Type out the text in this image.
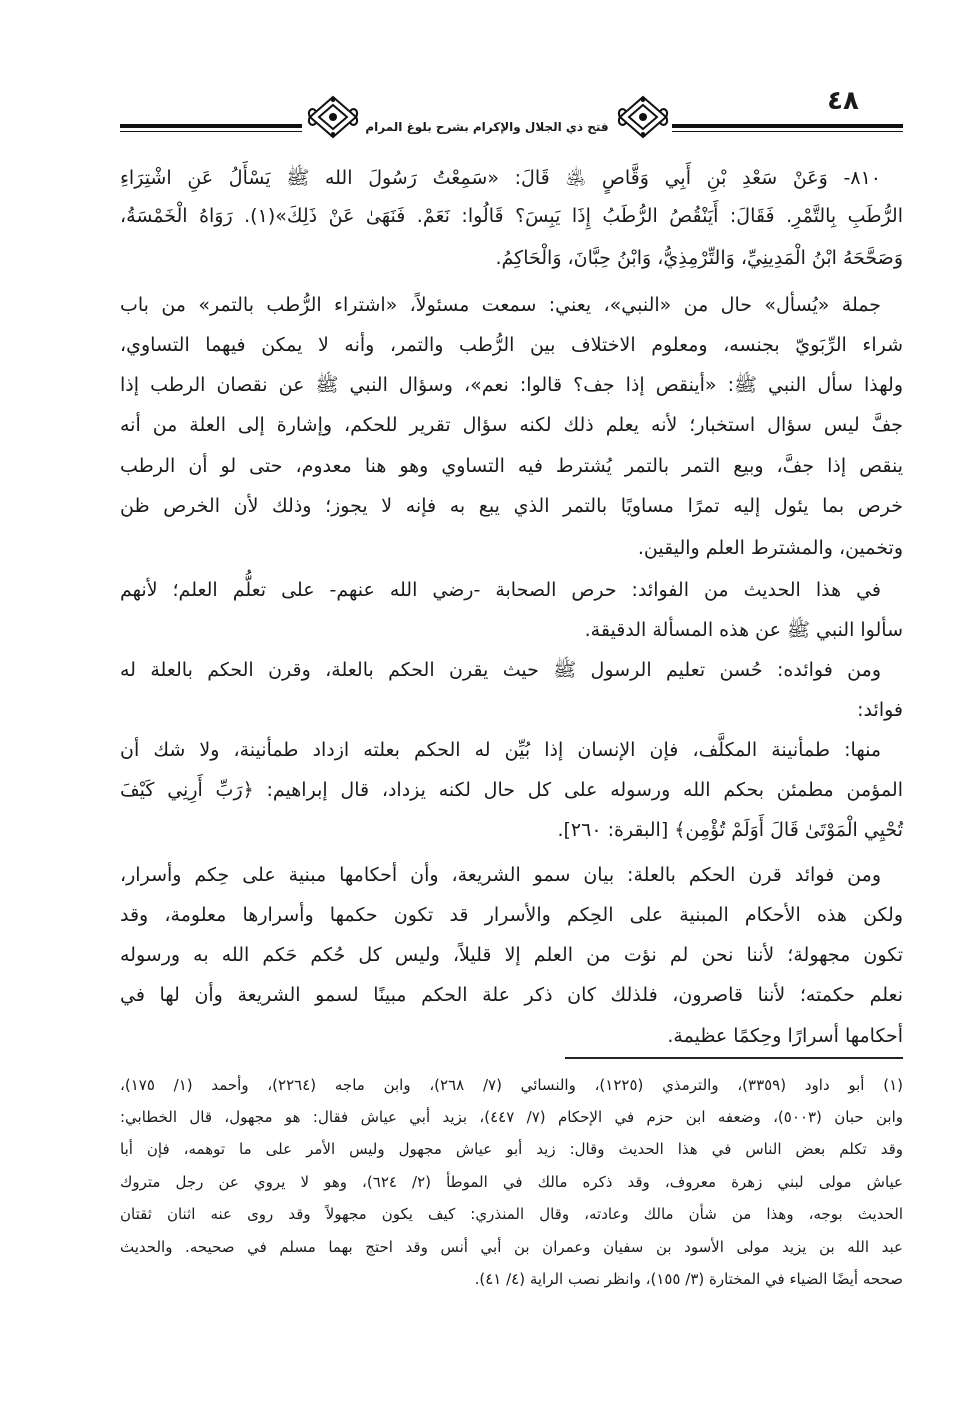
٤٨
فتح ذي الجلال والإكرام بشرح بلوغ المرام
٨١٠- وَعَنْ سَعْدِ بْنِ أَبِي وَقَّاصٍ ﵁ قَالَ: «سَمِعْتُ رَسُولَ الله ﷺ يَسْأَلُ عَنِ اشْتِرَاءِ
الرُّطَبِ بِالتَّمْرِ. فَقَالَ: أَيَنْقُصُ الرُّطَبُ إِذَا يَبِسَ؟ قَالُوا: نَعَمْ. فَنَهَىٰ عَنْ ذَلِكَ»(١). رَوَاهُ الْخَمْسَةُ،
وَصَحَّحَهُ ابْنُ الْمَدِينِيِّ، وَالتِّرْمِذِيُّ، وَابْنُ حِبَّانَ، وَالْحَاكِمُ.
جملة «يُسأل» حال من «النبي»، يعني: سمعت مسئولاً، «اشتراء الرُّطب بالتمر» من باب
شراء الرِّبَويّ بجنسه، ومعلوم الاختلاف بين الرُّطب والتمر، وأنه لا يمكن فيهما التساوي،
ولهذا سأل النبي ﷺ: «أينقص إذا جف؟ قالوا: نعم»، وسؤال النبي ﷺ عن نقصان الرطب إذا
جفَّ ليس سؤال استخبار؛ لأنه يعلم ذلك لكنه سؤال تقرير للحكم، وإشارة إلى العلة من أنه
ينقص إذا جفَّ، وبيع التمر بالتمر يُشترط فيه التساوي وهو هنا معدوم، حتى لو أن الرطب
خرص بما يئول إليه تمرًا مساويًا بالتمر الذي يبع به فإنه لا يجوز؛ وذلك لأن الخرص ظن
وتخمين، والمشترط العلم واليقين.
في هذا الحديث من الفوائد: حرص الصحابة -رضي الله عنهم- على تعلُّم العلم؛ لأنهم
سألوا النبي ﷺ عن هذه المسألة الدقيقة.
ومن فوائده: حُسن تعليم الرسول ﷺ حيث يقرن الحكم بالعلة، وقرن الحكم بالعلة له
فوائد:
منها: طمأنينة المكلَّف، فإن الإنسان إذا بُيِّن له الحكم بعلته ازداد طمأنينة، ولا شك أن
المؤمن مطمئن بحكم الله ورسوله على كل حال لكنه يزداد، قال إبراهيم: ﴿رَبِّ أَرِنِي كَيْفَ
تُحْيِي الْمَوْتَىٰ قَالَ أَوَلَمْ تُؤْمِن﴾ [البقرة: ٢٦٠].
ومن فوائد قرن الحكم بالعلة: بيان سمو الشريعة، وأن أحكامها مبنية على حِكم وأسرار،
ولكن هذه الأحكام المبنية على الحِكم والأسرار قد تكون حكمها وأسرارها معلومة، وقد
تكون مجهولة؛ لأننا نحن لم نؤت من العلم إلا قليلاً، وليس كل حُكم حَكم الله به ورسوله
نعلم حكمته؛ لأننا قاصرون، فلذلك كان ذكر علة الحكم مبينًا لسمو الشريعة وأن لها في
أحكامها أسرارًا وحِكمًا عظيمة.
(١) أبو داود (٣٣٥٩)، والترمذي (١٢٢٥)، والنسائي (٧/ ٢٦٨)، وابن ماجه (٢٢٦٤)، وأحمد (١/ ١٧٥)،
وابن حبان (٥٠٠٣)، وضعفه ابن حزم في الإحكام (٧/ ٤٤٧)، بزيد أبي عياش فقال: هو مجهول، قال الخطابي:
وقد تكلم بعض الناس في هذا الحديث وقال: زيد أبو عياش مجهول وليس الأمر على ما توهمه، فإن أبا
عياش مولى لبني زهرة معروف، وقد ذكره مالك في الموطأ (٢/ ٦٢٤)، وهو لا يروي عن رجل متروك
الحديث بوجه، وهذا من شأن مالك وعادته، وقال المنذري: كيف يكون مجهولاً وقد روى عنه اثنان ثقتان
عبد الله بن يزيد مولى الأسود بن سفيان وعمران بن أبي أنس وقد احتج بهما مسلم في صحيحه. والحديث
صححه أيضًا الضياء في المختارة (٣/ ١٥٥)، وانظر نصب الراية (٤/ ٤١).
